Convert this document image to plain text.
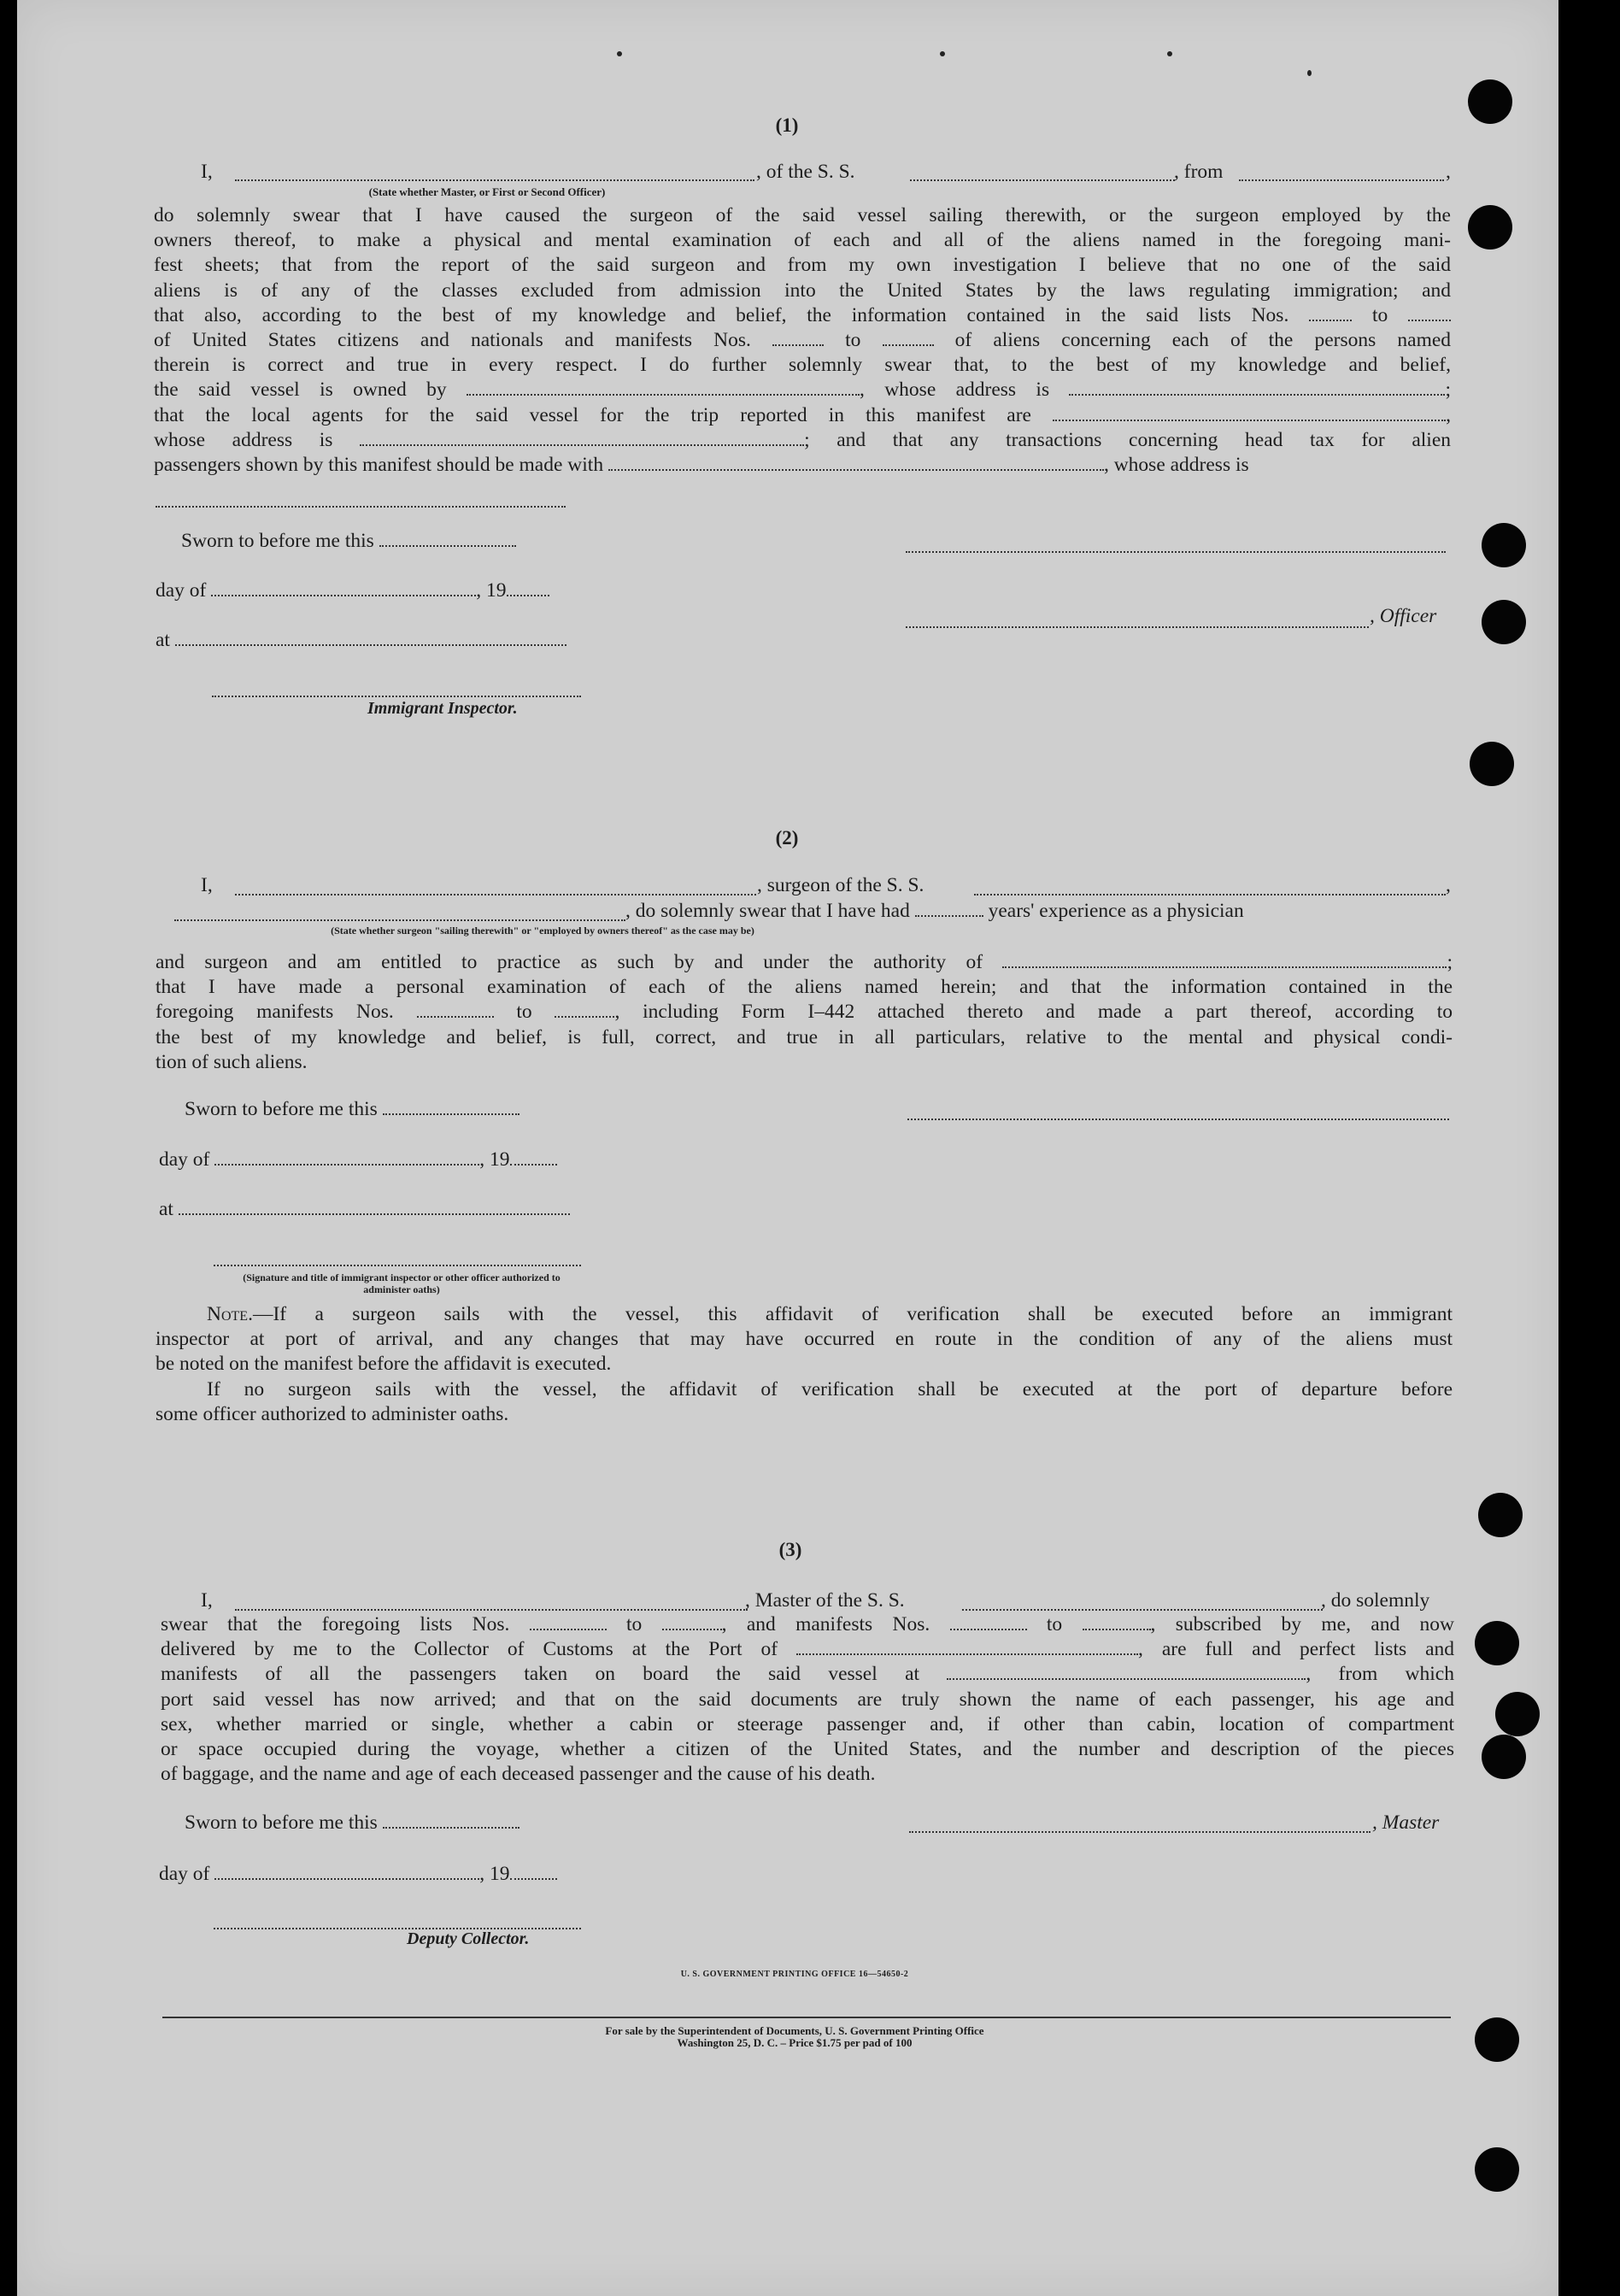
(1)
I,	, of the S. S.	, from	,
(State whether Master, or First or Second Officer)

do solemnly swear that I have caused the surgeon of the said vessel sailing therewith, or the surgeon employed by the
owners thereof, to make a physical and mental examination of each and all of the aliens named in the foregoing mani-
fest sheets; that from the report of the said surgeon and from my own investigation I believe that no one of the said
aliens is of any of the classes excluded from admission into the United States by the laws regulating immigration; and
that also, according to the best of my knowledge and belief, the information contained in the said lists Nos.	to
of United States citizens and nationals and manifests Nos.	to	of aliens concerning each of the persons named
therein is correct and true in every respect. I do further solemnly swear that, to the best of my knowledge and belief,
the said vessel is owned by	, whose address is	;
that the local agents for the said vessel for the trip reported in this manifest are	,
whose address is	; and that any transactions concerning head tax for alien
passengers shown by this manifest should be made with	, whose address is

Sworn to before me this
day of	, 19
at
Immigrant Inspector.
, Officer
(2)
I,	, surgeon of the S. S.	,
, do solemnly swear that I have had	years' experience as a physician
(State whether surgeon "sailing therewith" or "employed by owners thereof" as the case may be)

and surgeon and am entitled to practice as such by and under the authority of	;
that I have made a personal examination of each of the aliens named herein; and that the information contained in the
foregoing manifests Nos.	to	, including Form I–442 attached thereto and made a part thereof, according to
the best of my knowledge and belief, is full, correct, and true in all particulars, relative to the mental and physical condi-
tion of such aliens.

Sworn to before me this
day of	, 19
at
(Signature and title of immigrant inspector or other officer authorized to administer oaths)

Note.—If a surgeon sails with the vessel, this affidavit of verification shall be executed before an immigrant
inspector at port of arrival, and any changes that may have occurred en route in the condition of any of the aliens must
be noted on the manifest before the affidavit is executed.
If no surgeon sails with the vessel, the affidavit of verification shall be executed at the port of departure before
some officer authorized to administer oaths.

(3)
I,	, Master of the S. S.	, do solemnly

swear that the foregoing lists Nos.	to	, and manifests Nos.	to	, subscribed by me, and now
delivered by me to the Collector of Customs at the Port of	, are full and perfect lists and
manifests of all the passengers taken on board the said vessel at	, from which
port said vessel has now arrived; and that on the said documents are truly shown the name of each passenger, his age and
sex, whether married or single, whether a cabin or steerage passenger and, if other than cabin, location of compartment
or space occupied during the voyage, whether a citizen of the United States, and the number and description of the pieces
of baggage, and the name and age of each deceased passenger and the cause of his death.

Sworn to before me this	, Master
day of	, 19
Deputy Collector.
U. S. GOVERNMENT PRINTING OFFICE 16—54650-2
For sale by the Superintendent of Documents, U. S. Government Printing Office
Washington 25, D. C. – Price $1.75 per pad of 100
